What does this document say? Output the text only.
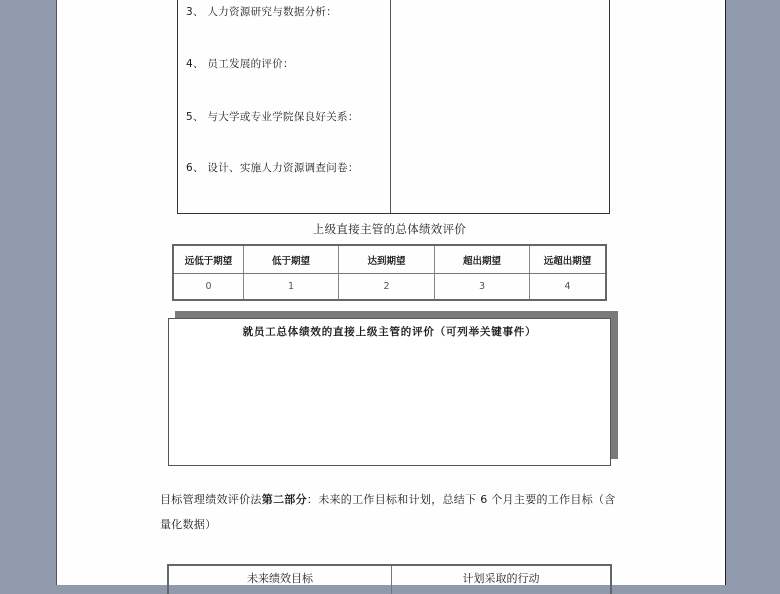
3、 人力资源研究与数据分析：
4、 员工发展的评价：
5、 与大学或专业学院保良好关系：
6、 设计、实施人力资源调查问卷：
上级直接主管的总体绩效评价
远低于期望	低于期望	达到期望	超出期望	远超出期望
0	1	2	3	4
就员工总体绩效的直接上级主管的评价（可列举关键事件）
目标管理绩效评价法第二部分：未来的工作目标和计划，总结下 6 个月主要的工作目标（含
量化数据）
未来绩效目标	计划采取的行动
